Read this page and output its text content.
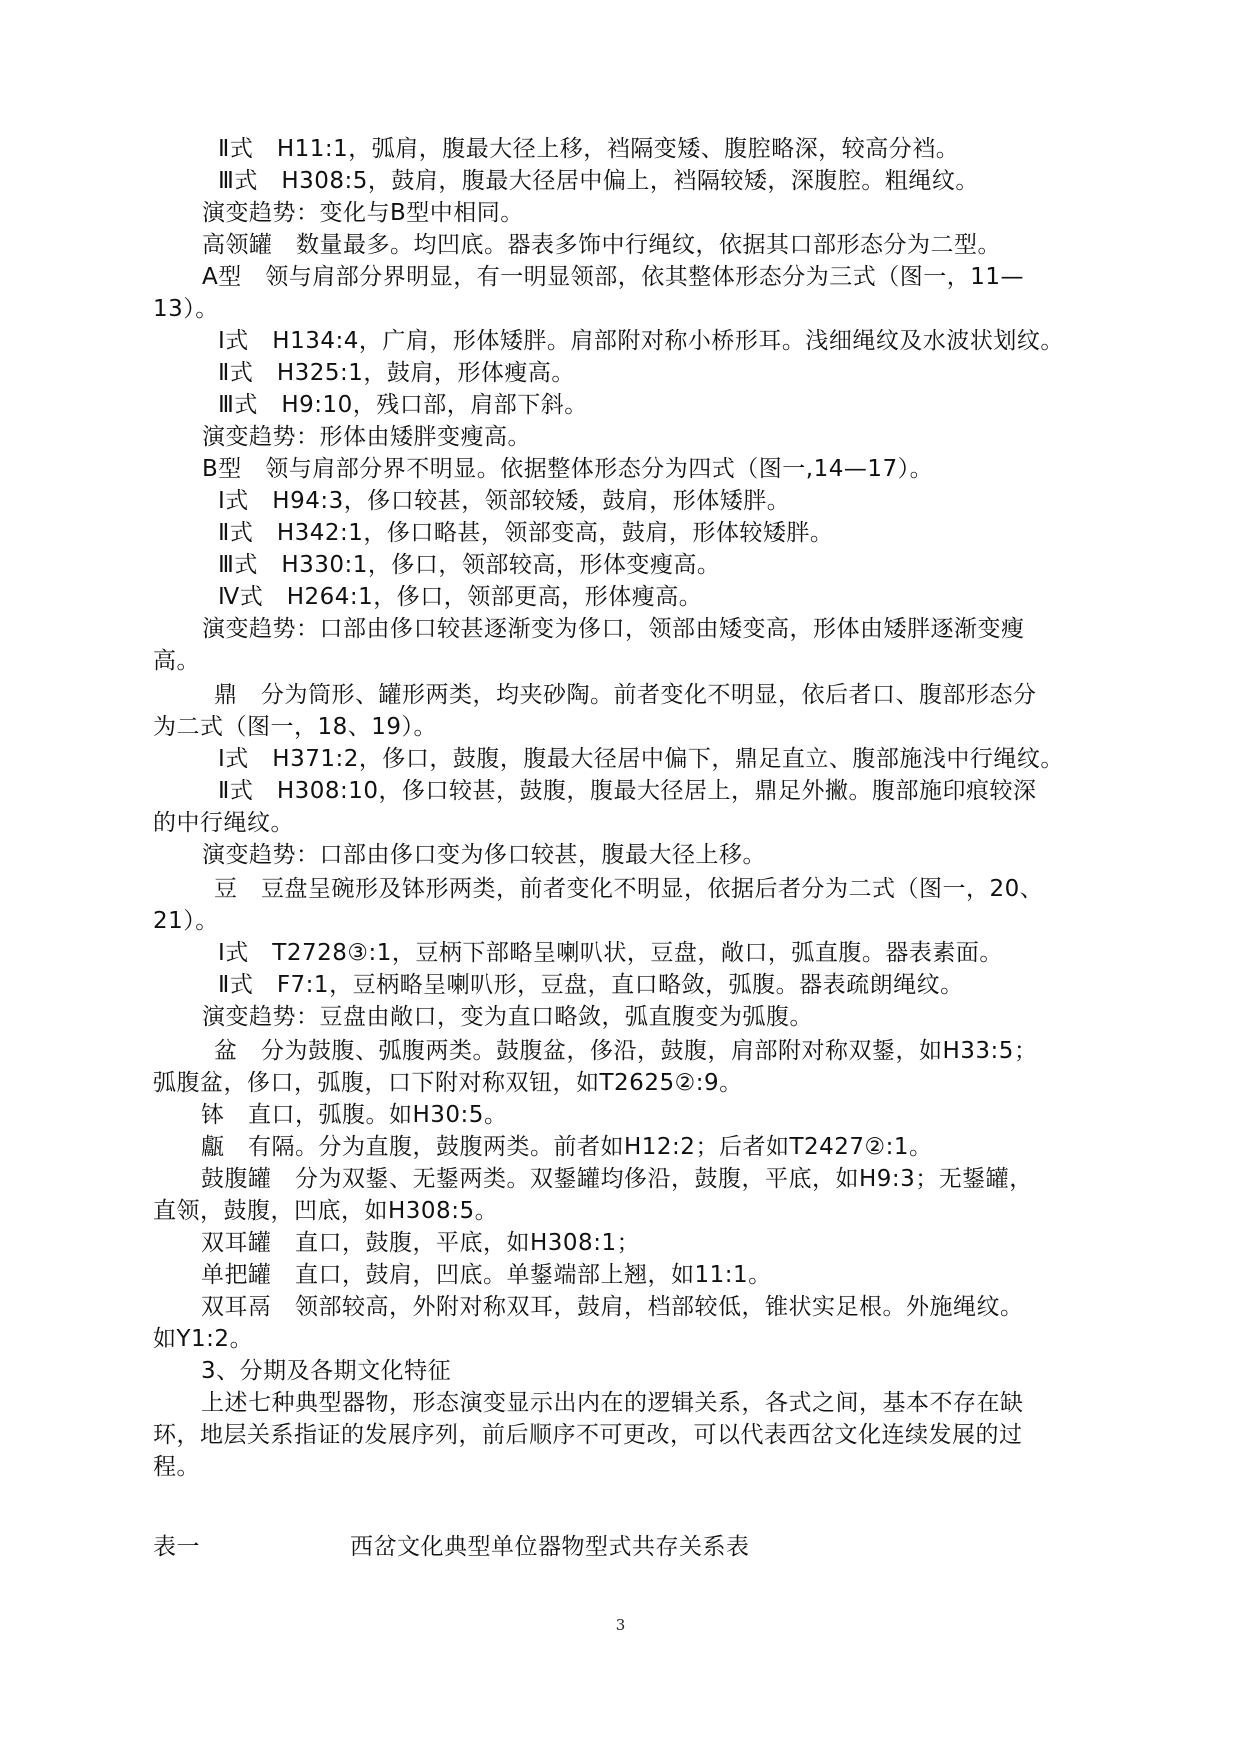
Ⅱ式　H11:1，弧肩，腹最大径上移，裆隔变矮、腹腔略深，较高分裆。
Ⅲ式　H308:5，鼓肩，腹最大径居中偏上，裆隔较矮，深腹腔。粗绳纹。
演变趋势：变化与B型中相同。
高领罐　数量最多。均凹底。器表多饰中行绳纹，依据其口部形态分为二型。
A型　领与肩部分界明显，有一明显领部，依其整体形态分为三式（图一，11—
13）。
Ⅰ式　H134:4，广肩，形体矮胖。肩部附对称小桥形耳。浅细绳纹及水波状划纹。
Ⅱ式　H325:1，鼓肩，形体瘦高。
Ⅲ式　H9:10，残口部，肩部下斜。
演变趋势：形体由矮胖变瘦高。
B型　领与肩部分界不明显。依据整体形态分为四式（图一,14—17）。
Ⅰ式　H94:3，侈口较甚，领部较矮，鼓肩，形体矮胖。
Ⅱ式　H342:1，侈口略甚，领部变高，鼓肩，形体较矮胖。
Ⅲ式　H330:1，侈口，领部较高，形体变瘦高。
Ⅳ式　H264:1，侈口，领部更高，形体瘦高。
演变趋势：口部由侈口较甚逐渐变为侈口，领部由矮变高，形体由矮胖逐渐变瘦
高。
鼎　分为筒形、罐形两类，均夹砂陶。前者变化不明显，依后者口、腹部形态分
为二式（图一，18、19）。
Ⅰ式　H371:2，侈口，鼓腹，腹最大径居中偏下，鼎足直立、腹部施浅中行绳纹。
Ⅱ式　H308:10，侈口较甚，鼓腹，腹最大径居上，鼎足外撇。腹部施印痕较深
的中行绳纹。
演变趋势：口部由侈口变为侈口较甚，腹最大径上移。
豆　豆盘呈碗形及钵形两类，前者变化不明显，依据后者分为二式（图一，20、
21）。
Ⅰ式　T2728③:1，豆柄下部略呈喇叭状，豆盘，敞口，弧直腹。器表素面。
Ⅱ式　F7:1，豆柄略呈喇叭形，豆盘，直口略敛，弧腹。器表疏朗绳纹。
演变趋势：豆盘由敞口，变为直口略敛，弧直腹变为弧腹。
盆　分为鼓腹、弧腹两类。鼓腹盆，侈沿，鼓腹，肩部附对称双鋬，如H33:5；
弧腹盆，侈口，弧腹，口下附对称双钮，如T2625②:9。
钵　直口，弧腹。如H30:5。
甗　有隔。分为直腹，鼓腹两类。前者如H12:2；后者如T2427②:1。
鼓腹罐　分为双鋬、无鋬两类。双鋬罐均侈沿，鼓腹，平底，如H9:3；无鋬罐，
直领，鼓腹，凹底，如H308:5。
双耳罐　直口，鼓腹，平底，如H308:1；
单把罐　直口，鼓肩，凹底。单鋬端部上翘，如11:1。
双耳鬲　领部较高，外附对称双耳，鼓肩，档部较低，锥状实足根。外施绳纹。
如Y1:2。
3、分期及各期文化特征
上述七种典型器物，形态演变显示出内在的逻辑关系，各式之间，基本不存在缺
环，地层关系指证的发展序列，前后顺序不可更改，可以代表西岔文化连续发展的过
程。
表一	西岔文化典型单位器物型式共存关系表
3
